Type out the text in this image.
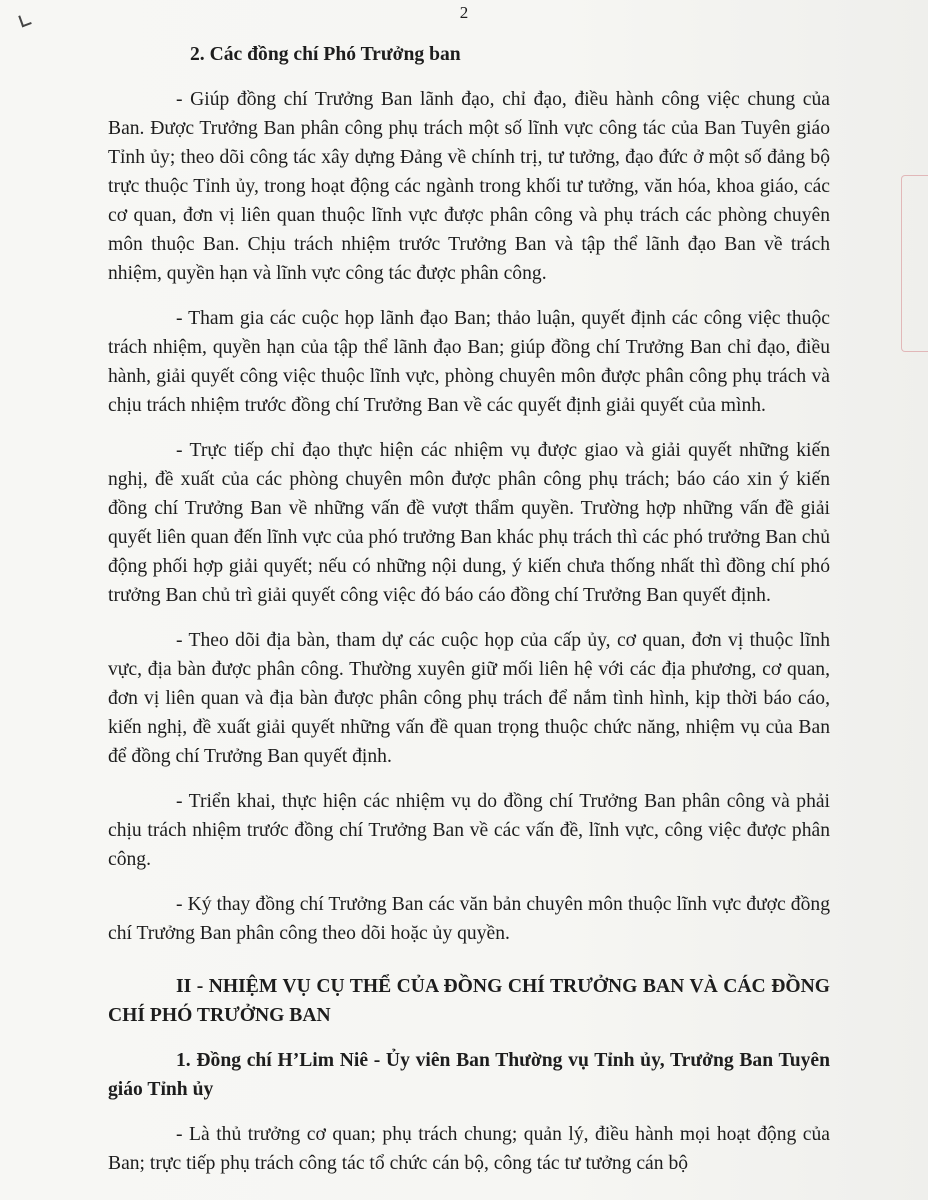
2

2. Các đồng chí Phó Trưởng ban

- Giúp đồng chí Trưởng Ban lãnh đạo, chỉ đạo, điều hành công việc chung của Ban. Được Trưởng Ban phân công phụ trách một số lĩnh vực công tác của Ban Tuyên giáo Tỉnh ủy; theo dõi công tác xây dựng Đảng về chính trị, tư tưởng, đạo đức ở một số đảng bộ trực thuộc Tỉnh ủy, trong hoạt động các ngành trong khối tư tưởng, văn hóa, khoa giáo, các cơ quan, đơn vị liên quan thuộc lĩnh vực được phân công và phụ trách các phòng chuyên môn thuộc Ban. Chịu trách nhiệm trước Trưởng Ban và tập thể lãnh đạo Ban về trách nhiệm, quyền hạn và lĩnh vực công tác được phân công.

- Tham gia các cuộc họp lãnh đạo Ban; thảo luận, quyết định các công việc thuộc trách nhiệm, quyền hạn của tập thể lãnh đạo Ban; giúp đồng chí Trưởng Ban chỉ đạo, điều hành, giải quyết công việc thuộc lĩnh vực, phòng chuyên môn được phân công phụ trách và chịu trách nhiệm trước đồng chí Trưởng Ban về các quyết định giải quyết của mình.

- Trực tiếp chỉ đạo thực hiện các nhiệm vụ được giao và giải quyết những kiến nghị, đề xuất của các phòng chuyên môn được phân công phụ trách; báo cáo xin ý kiến đồng chí Trưởng Ban về những vấn đề vượt thẩm quyền. Trường hợp những vấn đề giải quyết liên quan đến lĩnh vực của phó trưởng Ban khác phụ trách thì các phó trưởng Ban chủ động phối hợp giải quyết; nếu có những nội dung, ý kiến chưa thống nhất thì đồng chí phó trưởng Ban chủ trì giải quyết công việc đó báo cáo đồng chí Trưởng Ban quyết định.

- Theo dõi địa bàn, tham dự các cuộc họp của cấp ủy, cơ quan, đơn vị thuộc lĩnh vực, địa bàn được phân công. Thường xuyên giữ mối liên hệ với các địa phương, cơ quan, đơn vị liên quan và địa bàn được phân công phụ trách để nắm tình hình, kịp thời báo cáo, kiến nghị, đề xuất giải quyết những vấn đề quan trọng thuộc chức năng, nhiệm vụ của Ban để đồng chí Trưởng Ban quyết định.

- Triển khai, thực hiện các nhiệm vụ do đồng chí Trưởng Ban phân công và phải chịu trách nhiệm trước đồng chí Trưởng Ban về các vấn đề, lĩnh vực, công việc được phân công.

- Ký thay đồng chí Trưởng Ban các văn bản chuyên môn thuộc lĩnh vực được đồng chí Trưởng Ban phân công theo dõi hoặc ủy quyền.

II - NHIỆM VỤ CỤ THỂ CỦA ĐỒNG CHÍ TRƯỞNG BAN VÀ CÁC ĐỒNG CHÍ PHÓ TRƯỞNG BAN

1. Đồng chí H’Lim Niê - Ủy viên Ban Thường vụ Tỉnh ủy, Trưởng Ban Tuyên giáo Tỉnh ủy

- Là thủ trưởng cơ quan; phụ trách chung; quản lý, điều hành mọi hoạt động của Ban; trực tiếp phụ trách công tác tổ chức cán bộ, công tác tư tưởng cán bộ
